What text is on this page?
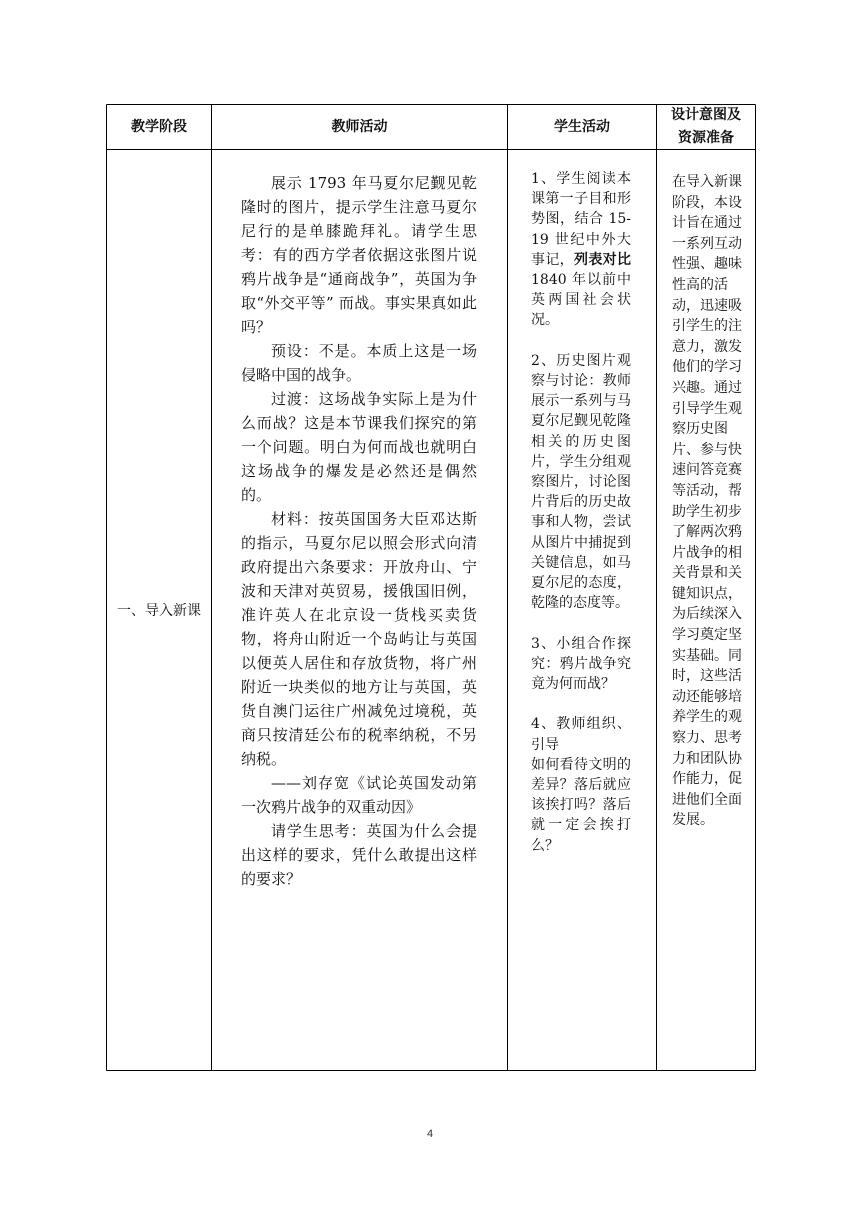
教学阶段	教师活动	学生活动
设计意图及
资源准备
一、导入新课

展示 1793 年马夏尔尼觐见乾隆时的图片，提示学生注意马夏尔尼行的是单膝跪拜礼。请学生思考：有的西方学者依据这张图片说鸦片战争是“通商战争”，英国为争取“外交平等” 而战。事实果真如此吗？

预设：不是。本质上这是一场侵略中国的战争。

过渡：这场战争实际上是为什么而战？这是本节课我们探究的第一个问题。明白为何而战也就明白这场战争的爆发是必然还是偶然的。

材料：按英国国务大臣邓达斯的指示，马夏尔尼以照会形式向清政府提出六条要求：开放舟山、宁波和天津对英贸易，援俄国旧例，准许英人在北京设一货栈买卖货物，将舟山附近一个岛屿让与英国以便英人居住和存放货物，将广州附近一块类似的地方让与英国，英货自澳门运往广州减免过境税，英商只按清廷公布的税率纳税，不另纳税。

——刘存宽《试论英国发动第一次鸦片战争的双重动因》

请学生思考：英国为什么会提出这样的要求，凭什么敢提出这样的要求？

1、学生阅读本课第一子目和形势图，结合 15-19 世纪中外大事记，列表对比 1840 年以前中英两国社会状况。
2、历史图片观察与讨论：教师展示一系列与马夏尔尼觐见乾隆相关的历史图片，学生分组观察图片，讨论图片背后的历史故事和人物，尝试从图片中捕捉到关键信息，如马夏尔尼的态度，乾隆的态度等。
3、小组合作探究：鸦片战争究竟为何而战？
4、教师组织、引导
如何看待文明的差异？落后就应该挨打吗？落后就一定会挨打么？
在导入新课阶段，本设计旨在通过一系列互动性强、趣味性高的活动，迅速吸引学生的注意力，激发他们的学习兴趣。通过引导学生观察历史图片、参与快速问答竞赛等活动，帮助学生初步了解两次鸦片战争的相关背景和关键知识点，为后续深入学习奠定坚实基础。同时，这些活动还能够培养学生的观察力、思考力和团队协作能力，促进他们全面发展。
4
